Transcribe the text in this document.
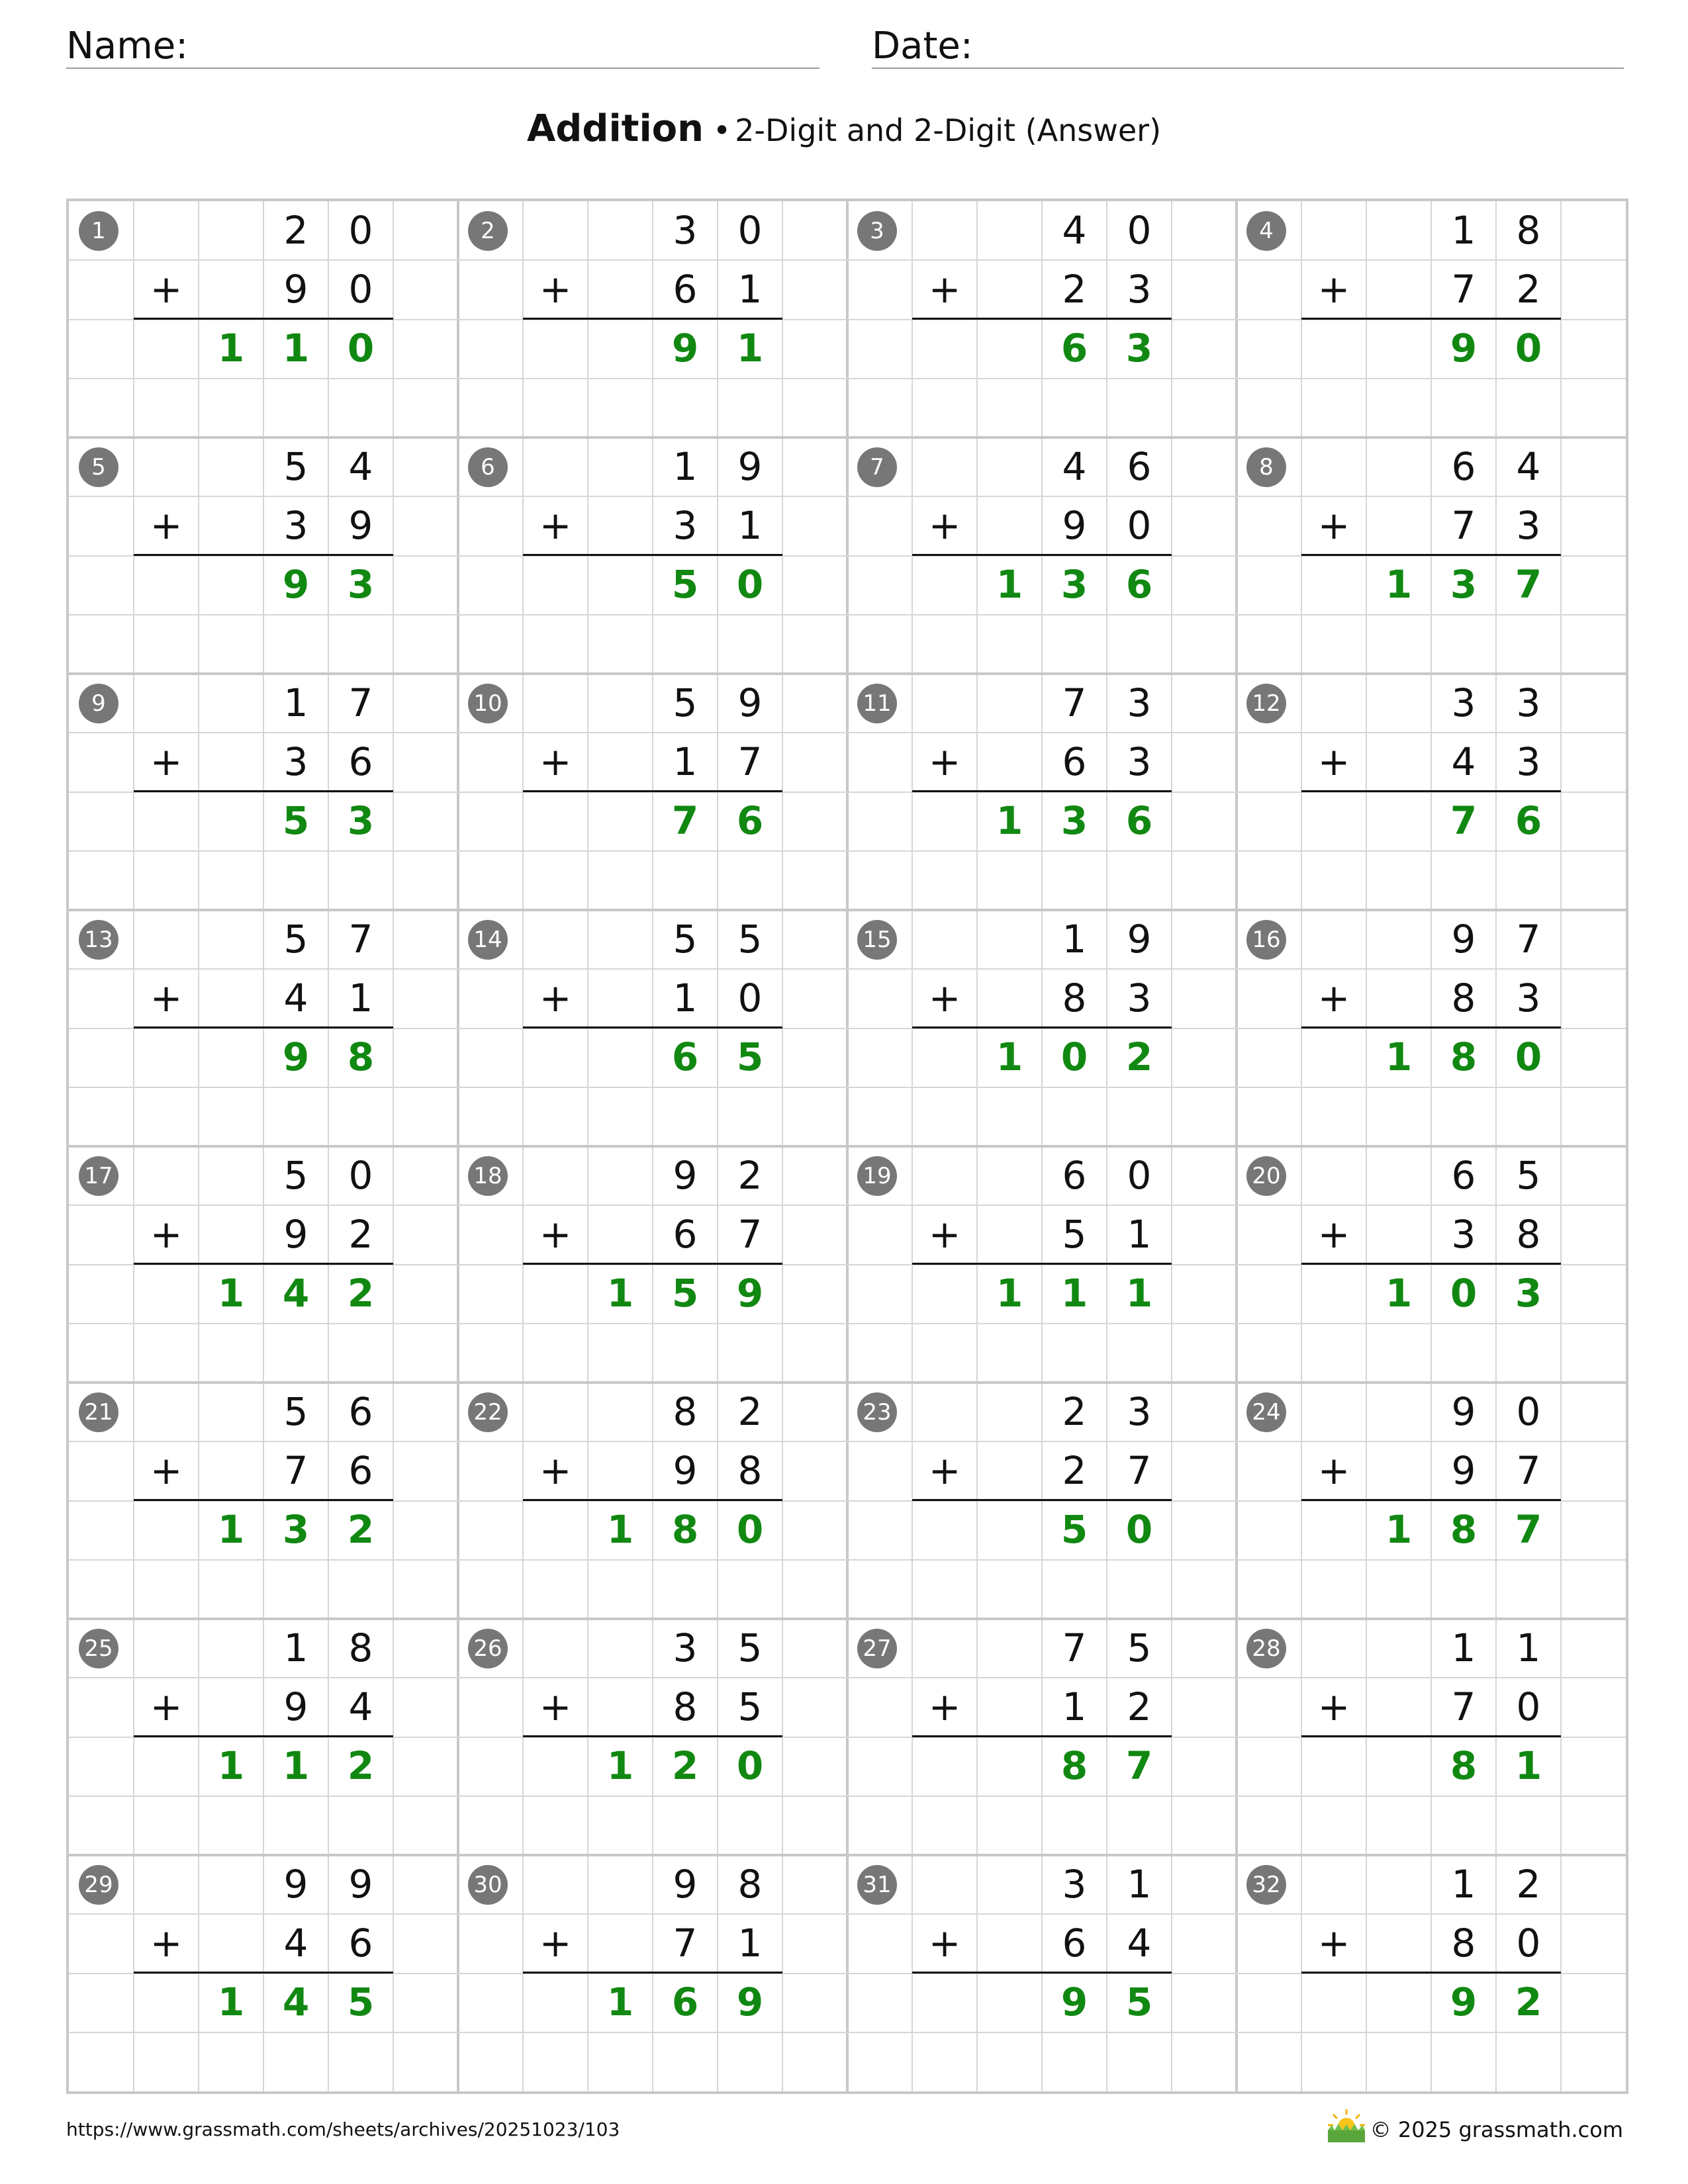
Name:	Date:
Addition • 2-Digit and 2-Digit (Answer)
1	2	0
+	9	0
1 1 0
2	3	0
+	6	1
9 1
3	4	0
+	2	3
6 3
4	1	8
+	7	2
9 0
5	5	4
+	3	9
9 3
6	1	9
+	3	1
5 0
7	4	6
+	9	0
1 3 6
8	6	4
+	7	3
1 3 7
9	1	7
+	3	6
5 3
10	5	9
+	1	7
7 6
11	7	3
+	6	3
1 3 6
12	3	3
+	4	3
7 6
13	5	7
+	4	1
9 8
14	5	5
+	1	0
6 5
15	1	9
+	8	3
1 0 2
16	9	7
+	8	3
1 8 0
17	5	0
+	9	2
1 4 2
18	9	2
+	6	7
1 5 9
19	6	0
+	5	1
1 1 1
20	6	5
+	3	8
1 0 3
21	5	6
+	7	6
1 3 2
22	8	2
+	9	8
1 8 0
23	2	3
+	2	7
5 0
24	9	0
+	9	7
1 8 7
25	1	8
+	9	4
1 1 2
26	3	5
+	8	5
1 2 0
27	7	5
+	1	2
8 7
28	1	1
+	7	0
8 1
29	9	9
+	4	6
1 4 5
30	9	8
+	7	1
1 6 9
31	3	1
+	6	4
9 5
32	1	2
+	8	0
9 2
https://www.grassmath.com/sheets/archives/20251023/103	© 2025 grassmath.com
